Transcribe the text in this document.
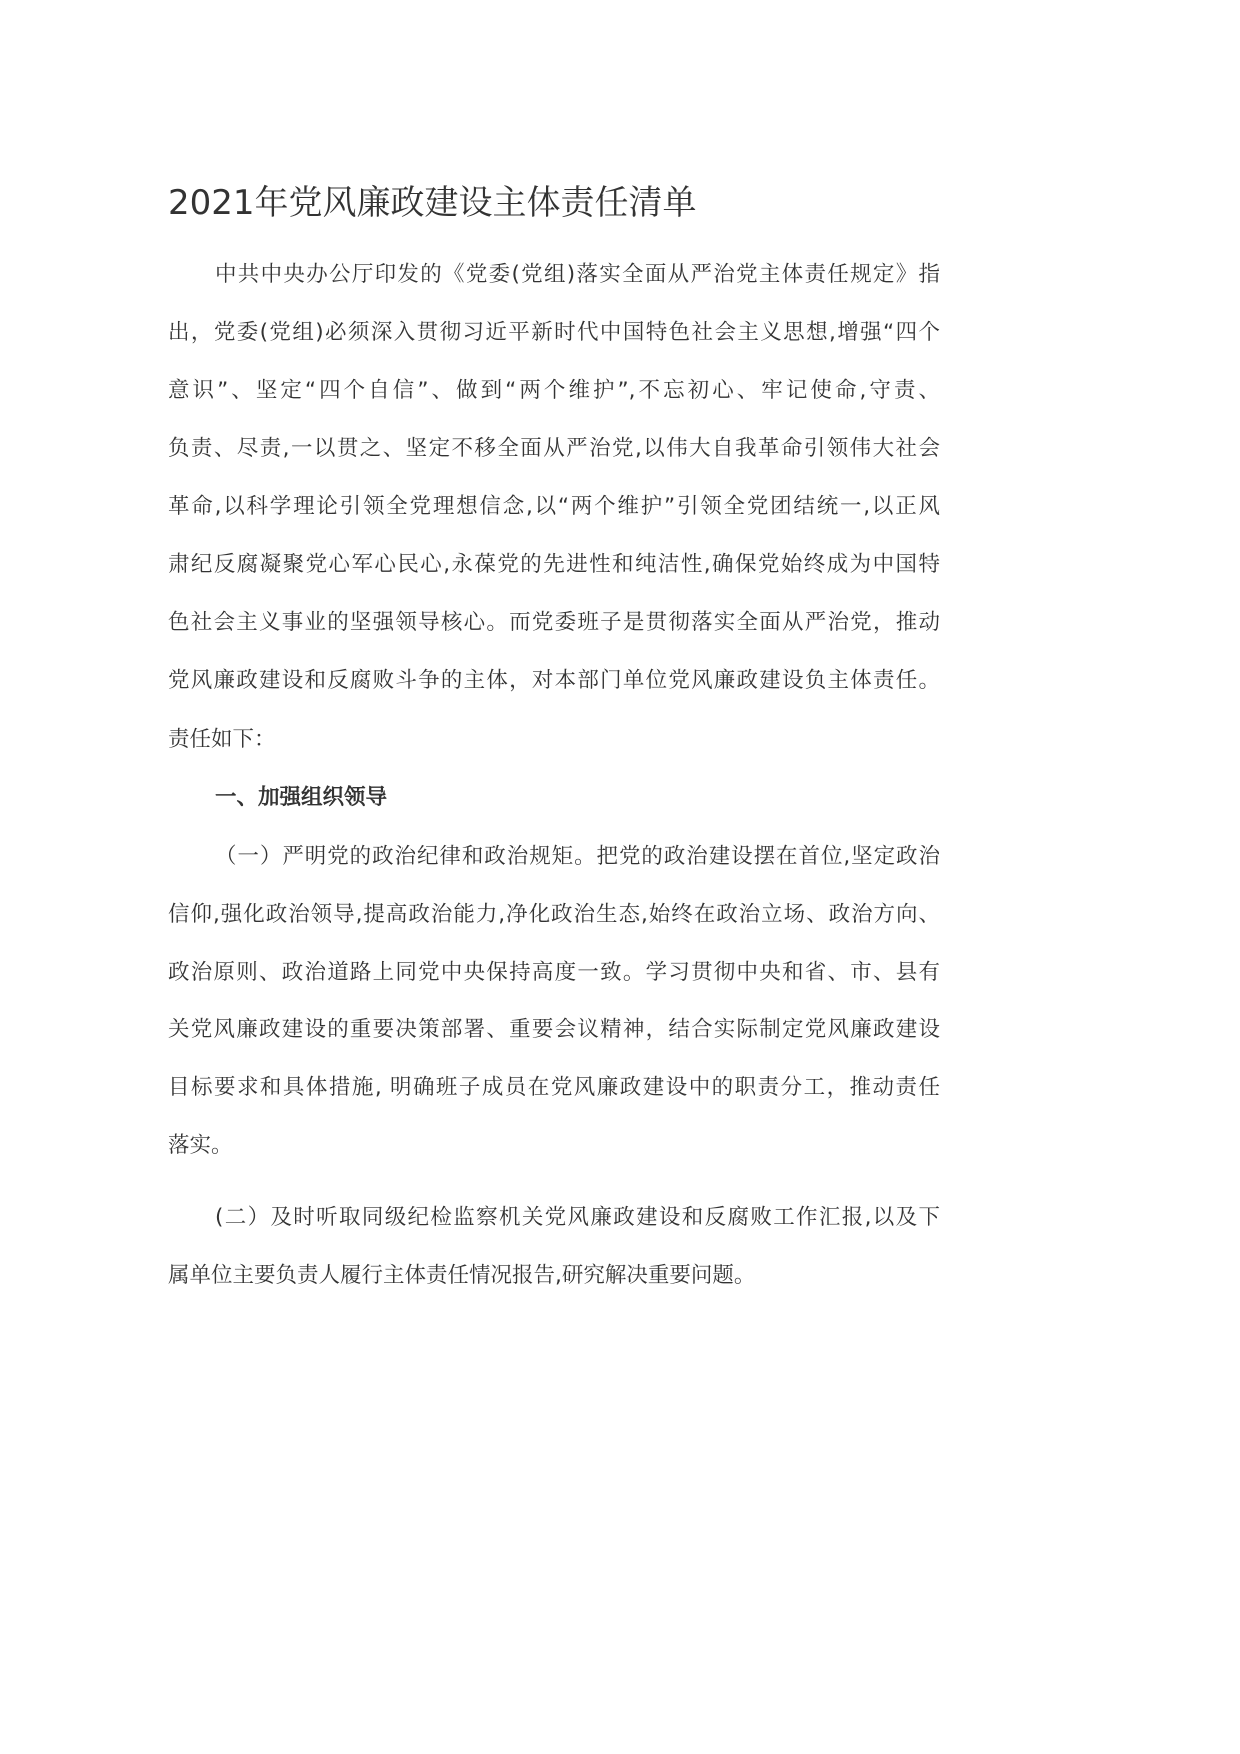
2021年党风廉政建设主体责任清单
中共中央办公厅印发的《党委(党组)落实全面从严治党主体责任规定》指
出，党委(党组)必须深入贯彻习近平新时代中国特色社会主义思想,增强“四个
意识”、坚定“四个自信”、做到“两个维护”,不忘初心、牢记使命,守责、
负责、尽责,一以贯之、坚定不移全面从严治党,以伟大自我革命引领伟大社会
革命,以科学理论引领全党理想信念,以“两个维护”引领全党团结统一,以正风
肃纪反腐凝聚党心军心民心,永葆党的先进性和纯洁性,确保党始终成为中国特
色社会主义事业的坚强领导核心。而党委班子是贯彻落实全面从严治党，推动
党风廉政建设和反腐败斗争的主体，对本部门单位党风廉政建设负主体责任。
责任如下：
一、加强组织领导
（一）严明党的政治纪律和政治规矩。把党的政治建设摆在首位,坚定政治
信仰,强化政治领导,提高政治能力,净化政治生态,始终在政治立场、政治方向、
政治原则、政治道路上同党中央保持高度一致。学习贯彻中央和省、市、县有
关党风廉政建设的重要决策部署、重要会议精神，结合实际制定党风廉政建设
目标要求和具体措施, 明确班子成员在党风廉政建设中的职责分工，推动责任
落实。
(二）及时听取同级纪检监察机关党风廉政建设和反腐败工作汇报,以及下
属单位主要负责人履行主体责任情况报告,研究解决重要问题。
